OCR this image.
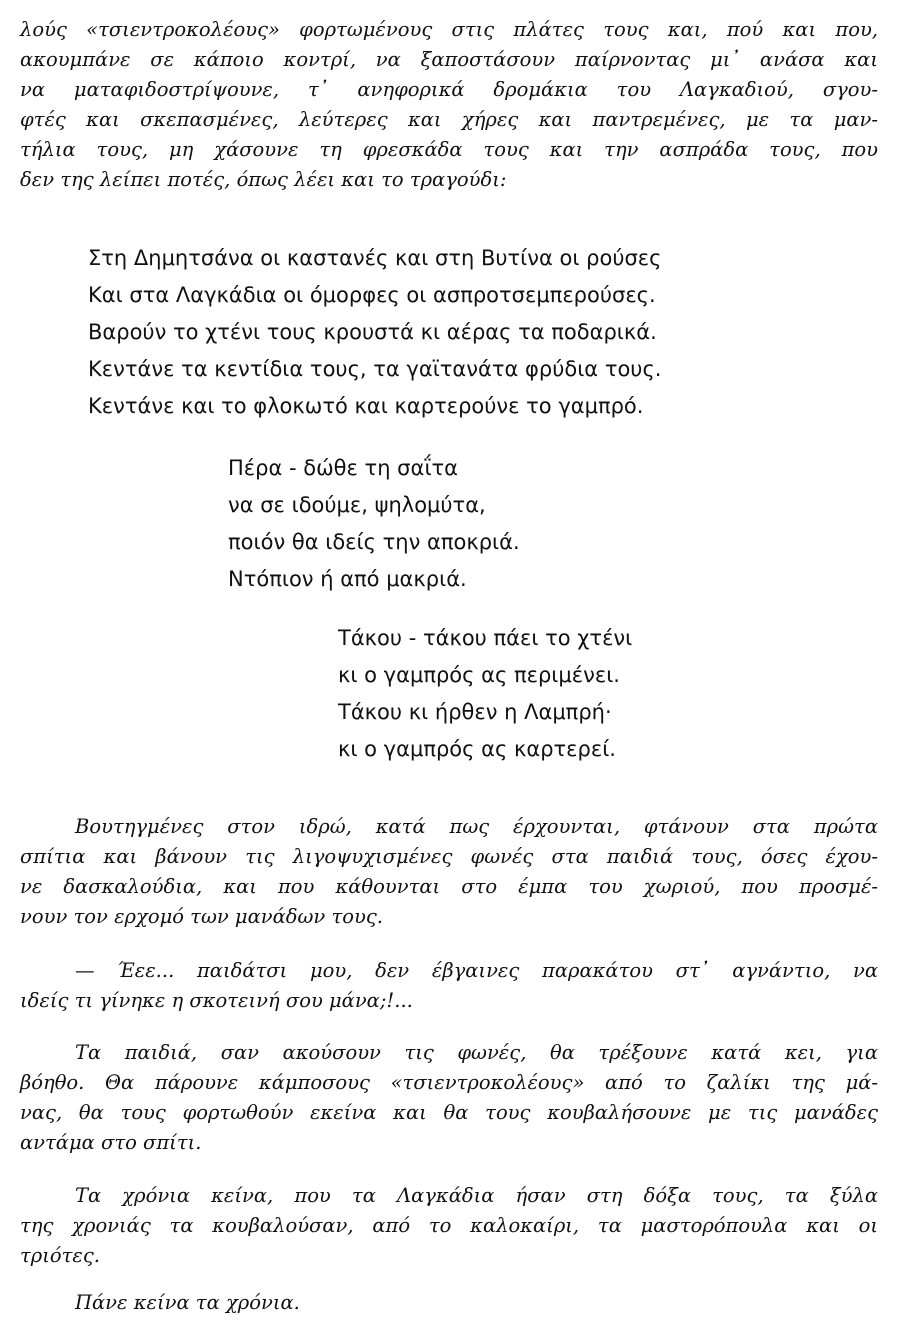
λούς «τσιεντροκολέους» φορτωμένους στις πλάτες τους και, πού και που,
ακουμπάνε σε κάποιο κοντρί, να ξαποστάσουν παίρνοντας μι᾽ ανάσα και
να ματαφιδοστρίψουνε, τ᾽ ανηφορικά δρομάκια του Λαγκαδιού, σγου-
φτές και σκεπασμένες, λεύτερες και χήρες και παντρεμένες, με τα μαν-
τήλια τους, μη χάσουνε τη φρεσκάδα τους και την ασπράδα τους, που
δεν της λείπει ποτές, όπως λέει και το τραγούδι:
Στη Δημητσάνα οι καστανές και στη Βυτίνα οι ρούσες
Και στα Λαγκάδια οι όμορφες οι ασπροτσεμπερούσες.
Βαρούν το χτένι τους κρουστά κι αέρας τα ποδαρικά.
Κεντάνε τα κεντίδια τους, τα γαϊτανάτα φρύδια τους.
Κεντάνε και το φλοκωτό και καρτερούνε το γαμπρό.
Πέρα - δώθε τη σαΐτα
να σε ιδούμε, ψηλομύτα,
ποιόν θα ιδείς την αποκριά.
Ντόπιον ή από μακριά.
Τάκου - τάκου πάει το χτένι
κι ο γαμπρός ας περιμένει.
Τάκου κι ήρθεν η Λαμπρή·
κι ο γαμπρός ας καρτερεί.
Βουτηγμένες στον ιδρώ, κατά πως έρχουνται, φτάνουν στα πρώτα
σπίτια και βάνουν τις λιγοψυχισμένες φωνές στα παιδιά τους, όσες έχου-
νε δασκαλούδια, και που κάθουνται στο έμπα του χωριού, που προσμέ-
νουν τον ερχομό των μανάδων τους.
— Έεε... παιδάτσι μου, δεν έβγαινες παρακάτου στ᾽ αγνάντιο, να
ιδείς τι γίνηκε η σκοτεινή σου μάνα;!...
Τα παιδιά, σαν ακούσουν τις φωνές, θα τρέξουνε κατά κει, για
βόηθο. Θα πάρουνε κάμποσους «τσιεντροκολέους» από το ζαλίκι της μά-
νας, θα τους φορτωθούν εκείνα και θα τους κουβαλήσουνε με τις μανάδες
αντάμα στο σπίτι.
Τα χρόνια κείνα, που τα Λαγκάδια ήσαν στη δόξα τους, τα ξύλα
της χρονιάς τα κουβαλούσαν, από το καλοκαίρι, τα μαστορόπουλα και οι
τριότες.
Πάνε κείνα τα χρόνια.
